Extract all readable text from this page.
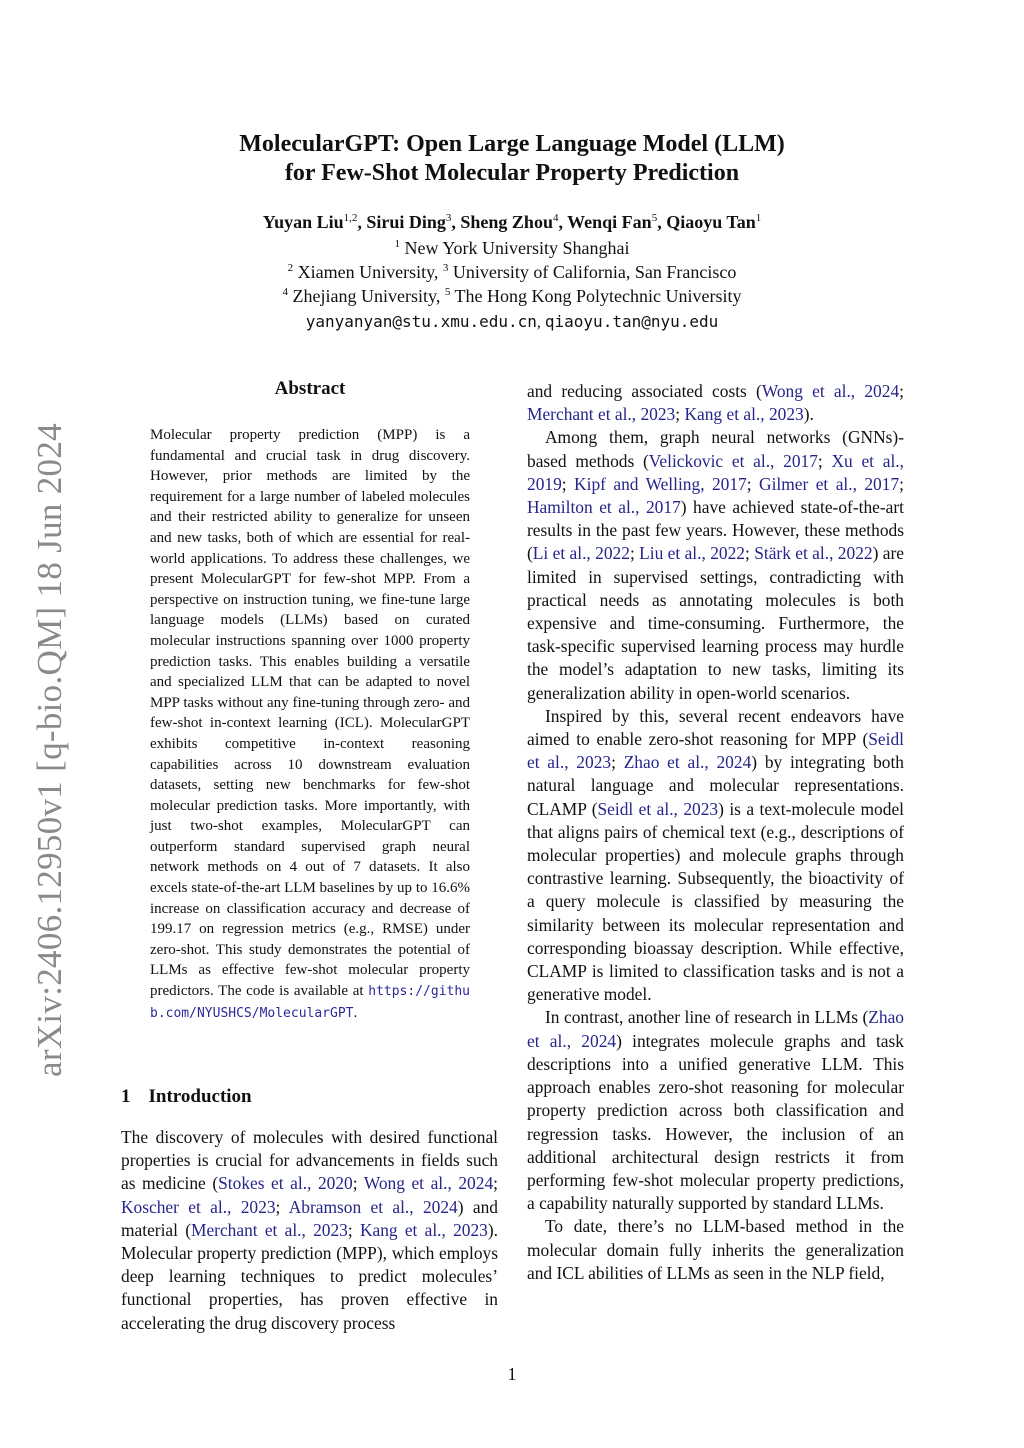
arXiv:2406.12950v1 [q-bio.QM] 18 Jun 2024
MolecularGPT: Open Large Language Model (LLM)
for Few-Shot Molecular Property Prediction
Yuyan Liu$^{1,2}$, Sirui Ding$^3$, Sheng Zhou$^4$, Wenqi Fan$^5$, Qiaoyu Tan$^1$
$^1$ New York University Shanghai
$^2$ Xiamen University, $^3$ University of California, San Francisco
$^4$ Zhejiang University, $^5$ The Hong Kong Polytechnic University
yanyanyan@stu.xmu.edu.cn, qiaoyu.tan@nyu.edu
Abstract

Molecular property prediction (MPP) is a fundamental and crucial task in drug discovery. However, prior methods are limited by the requirement for a large number of labeled molecules and their restricted ability to generalize for unseen and new tasks, both of which are essential for real-world applications. To address these challenges, we present MolecularGPT for few-shot MPP. From a perspective on instruction tuning, we fine-tune large language models (LLMs) based on curated molecular instructions spanning over 1000 property prediction tasks. This enables building a versatile and specialized LLM that can be adapted to novel MPP tasks without any fine-tuning through zero- and few-shot in-context learning (ICL). MolecularGPT exhibits competitive in-context reasoning capabilities across 10 downstream evaluation datasets, setting new benchmarks for few-shot molecular prediction tasks. More importantly, with just two-shot examples, MolecularGPT can outperform standard supervised graph neural network methods on 4 out of 7 datasets. It also excels state-of-the-art LLM baselines by up to 16.6% increase on classification accuracy and decrease of 199.17 on regression metrics (e.g., RMSE) under zero-shot. This study demonstrates the potential of LLMs as effective few-shot molecular property predictors. The code is available at https://github.com/NYUSHCS/MolecularGPT.

1 Introduction

The discovery of molecules with desired functional properties is crucial for advancements in fields such as medicine (Stokes et al., 2020; Wong et al., 2024; Koscher et al., 2023; Abramson et al., 2024) and material (Merchant et al., 2023; Kang et al., 2023). Molecular property prediction (MPP), which employs deep learning techniques to predict molecules’ functional properties, has proven effective in accelerating the drug discovery process

and reducing associated costs (Wong et al., 2024; Merchant et al., 2023; Kang et al., 2023).

Among them, graph neural networks (GNNs)-based methods (Velickovic et al., 2017; Xu et al., 2019; Kipf and Welling, 2017; Gilmer et al., 2017; Hamilton et al., 2017) have achieved state-of-the-art results in the past few years. However, these methods (Li et al., 2022; Liu et al., 2022; Stärk et al., 2022) are limited in supervised settings, contradicting with practical needs as annotating molecules is both expensive and time-consuming. Furthermore, the task-specific supervised learning process may hurdle the model’s adaptation to new tasks, limiting its generalization ability in open-world scenarios.

Inspired by this, several recent endeavors have aimed to enable zero-shot reasoning for MPP (Seidl et al., 2023; Zhao et al., 2024) by integrating both natural language and molecular representations. CLAMP (Seidl et al., 2023) is a text-molecule model that aligns pairs of chemical text (e.g., descriptions of molecular properties) and molecule graphs through contrastive learning. Subsequently, the bioactivity of a query molecule is classified by measuring the similarity between its molecular representation and corresponding bioassay description. While effective, CLAMP is limited to classification tasks and is not a generative model.

In contrast, another line of research in LLMs (Zhao et al., 2024) integrates molecule graphs and task descriptions into a unified generative LLM. This approach enables zero-shot reasoning for molecular property prediction across both classification and regression tasks. However, the inclusion of an additional architectural design restricts it from performing few-shot molecular property predictions, a capability naturally supported by standard LLMs.

To date, there’s no LLM-based method in the molecular domain fully inherits the generalization and ICL abilities of LLMs as seen in the NLP field,

1
